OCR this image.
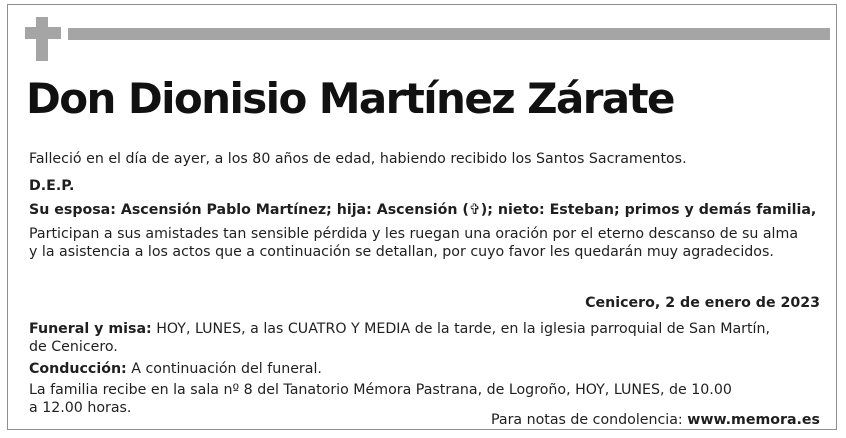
Don Dionisio Martínez Zárate
Falleció en el día de ayer, a los 80 años de edad, habiendo recibido los Santos Sacramentos.
D.E.P.
Su esposa: Ascensión Pablo Martínez; hija: Ascensión (✞); nieto: Esteban; primos y demás familia,
Participan a sus amistades tan sensible pérdida y les ruegan una oración por el eterno descanso de su alma
y la asistencia a los actos que a continuación se detallan, por cuyo favor les quedarán muy agradecidos.
Cenicero, 2 de enero de 2023
Funeral y misa: HOY, LUNES, a las CUATRO Y MEDIA de la tarde, en la iglesia parroquial de San Martín,
de Cenicero.
Conducción: A continuación del funeral.
La familia recibe en la sala nº 8 del Tanatorio Mémora Pastrana, de Logroño, HOY, LUNES, de 10.00
a 12.00 horas.
Para notas de condolencia: www.memora.es
